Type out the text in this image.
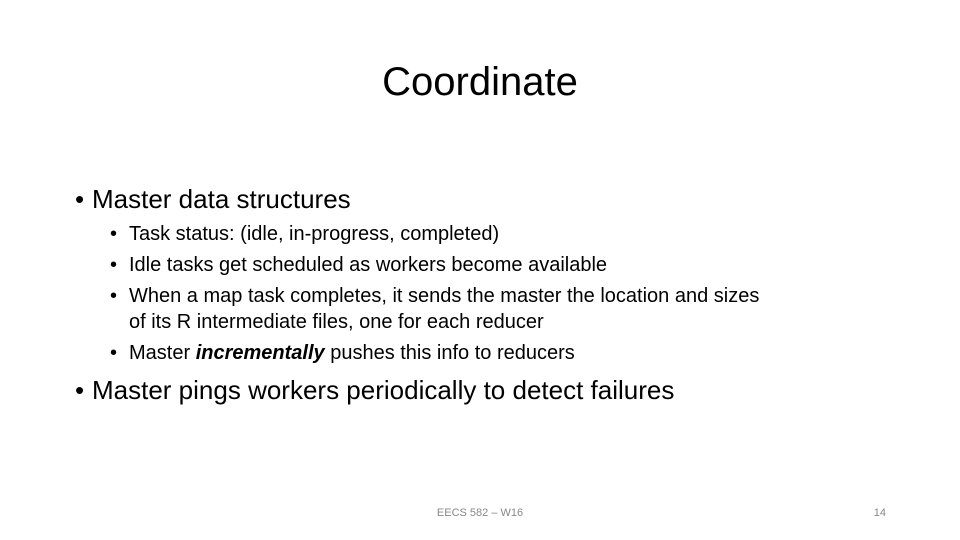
Coordinate
• Master data structures
• Task status: (idle, in-progress, completed)
• Idle tasks get scheduled as workers become available
• When a map task completes, it sends the master the location and sizes
of its R intermediate files, one for each reducer
• Master incrementally pushes this info to reducers
• Master pings workers periodically to detect failures
EECS 582 – W16	14
